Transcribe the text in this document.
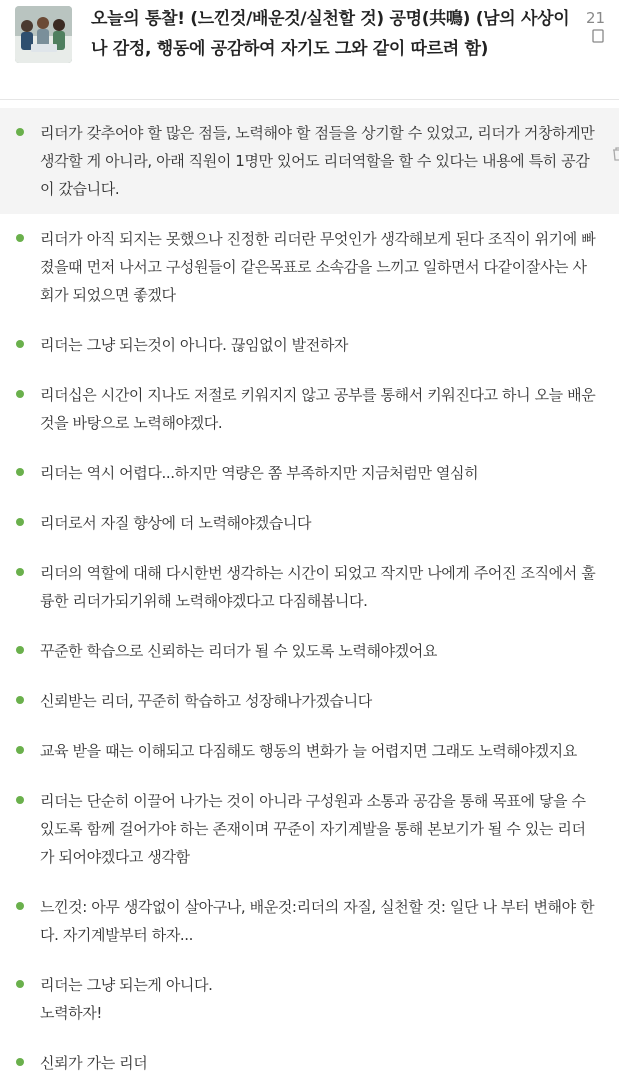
오늘의 통찰! (느낀것/배운것/실천할 것) 공명(共鳴) (남의 사상이나 감정, 행동에 공감하여 자기도 그와 같이 따르려 함)
21
리더가 갖추어야 할 많은 점들, 노력해야 할 점들을 상기할 수 있었고, 리더가 거창하게만 생각할 게 아니라, 아래 직원이 1명만 있어도 리더역할을 할 수 있다는 내용에 특히 공감이 갔습니다.
리더가 아직 되지는 못했으나 진정한 리더란 무엇인가 생각해보게 된다 조직이 위기에 빠졌을때 먼저 나서고 구성원들이 같은목표로 소속감을 느끼고 일하면서 다같이잘사는 사회가 되었으면 좋겠다
리더는 그냥 되는것이 아니다. 끊임없이 발전하자
리더십은 시간이 지나도 저절로 키워지지 않고 공부를 통해서 키워진다고 하니 오늘 배운 것을 바탕으로 노력해야겠다.
리더는 역시 어렵다...하지만 역량은 쫌 부족하지만 지금처럼만 열심히
리더로서 자질 향상에 더 노력해야겠습니다
리더의 역할에 대해 다시한번 생각하는 시간이 되었고 작지만 나에게 주어진 조직에서 훌륭한 리더가되기위해 노력해야겠다고 다짐해봅니다.
꾸준한 학습으로 신뢰하는 리더가 될 수 있도록 노력해야겠어요
신뢰받는 리더, 꾸준히 학습하고 성장해나가겠습니다
교육 받을 때는 이해되고 다짐해도 행동의 변화가 늘 어렵지면 그래도 노력해야겠지요
리더는 단순히 이끌어 나가는 것이 아니라 구성원과 소통과 공감을 통해 목표에 닿을 수 있도록 함께 걸어가야 하는 존재이며 꾸준이 자기계발을 통해 본보기가 될 수 있는 리더가 되어야겠다고 생각함
느낀것: 아무 생각없이 살아구나, 배운것:리더의 자질, 실천할 것: 일단 나 부터 변해야 한다. 자기계발부터 하자...
리더는 그냥 되는게 아니다.
노력하자!
신뢰가 가는 리더
